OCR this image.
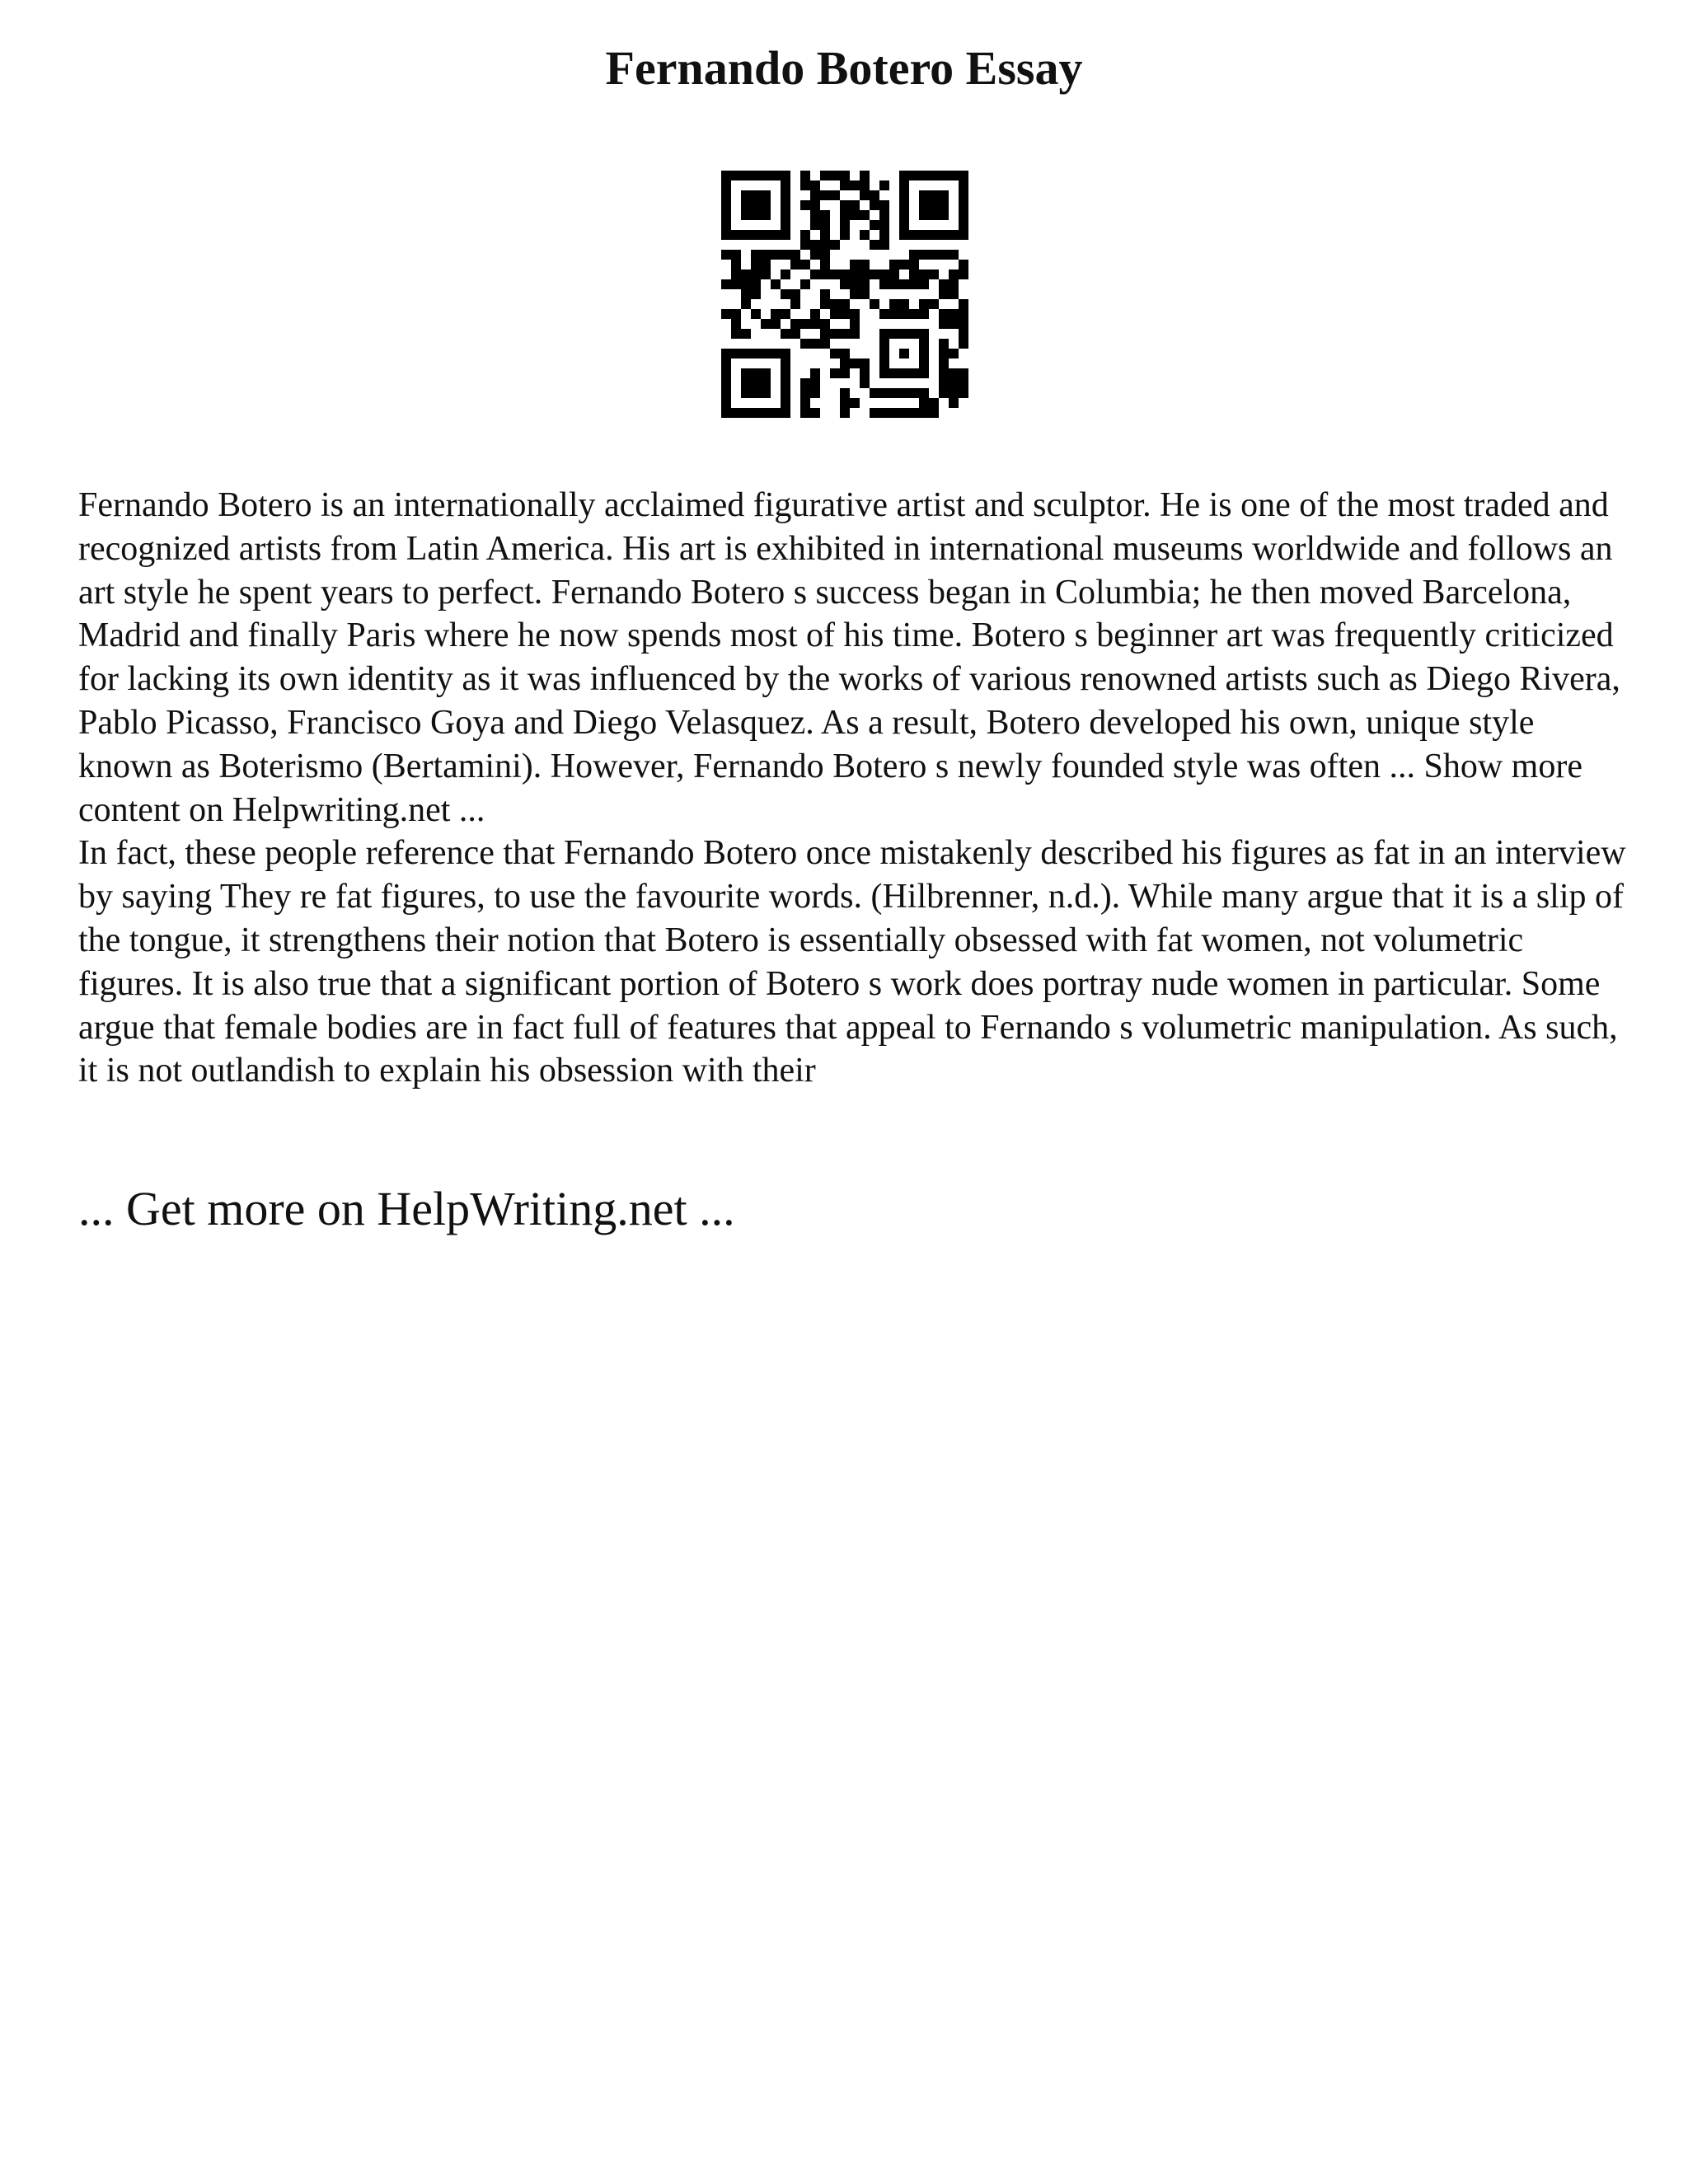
Fernando Botero Essay

Fernando Botero is an internationally acclaimed figurative artist and sculptor. He is one of the most traded and recognized artists from Latin America. His art is exhibited in international museums worldwide and follows an art style he spent years to perfect. Fernando Botero s success began in Columbia; he then moved Barcelona, Madrid and finally Paris where he now spends most of his time. Botero s beginner art was frequently criticized for lacking its own identity as it was influenced by the works of various renowned artists such as Diego Rivera, Pablo Picasso, Francisco Goya and Diego Velasquez. As a result, Botero developed his own, unique style known as Boterismo (Bertamini). However, Fernando Botero s newly founded style was often ... Show more content on Helpwriting.net ...

In fact, these people reference that Fernando Botero once mistakenly described his figures as fat in an interview by saying They re fat figures, to use the favourite words. (Hilbrenner, n.d.). While many argue that it is a slip of the tongue, it strengthens their notion that Botero is essentially obsessed with fat women, not volumetric figures. It is also true that a significant portion of Botero s work does portray nude women in particular. Some argue that female bodies are in fact full of features that appeal to Fernando s volumetric manipulation. As such, it is not outlandish to explain his obsession with their

... Get more on HelpWriting.net ...
